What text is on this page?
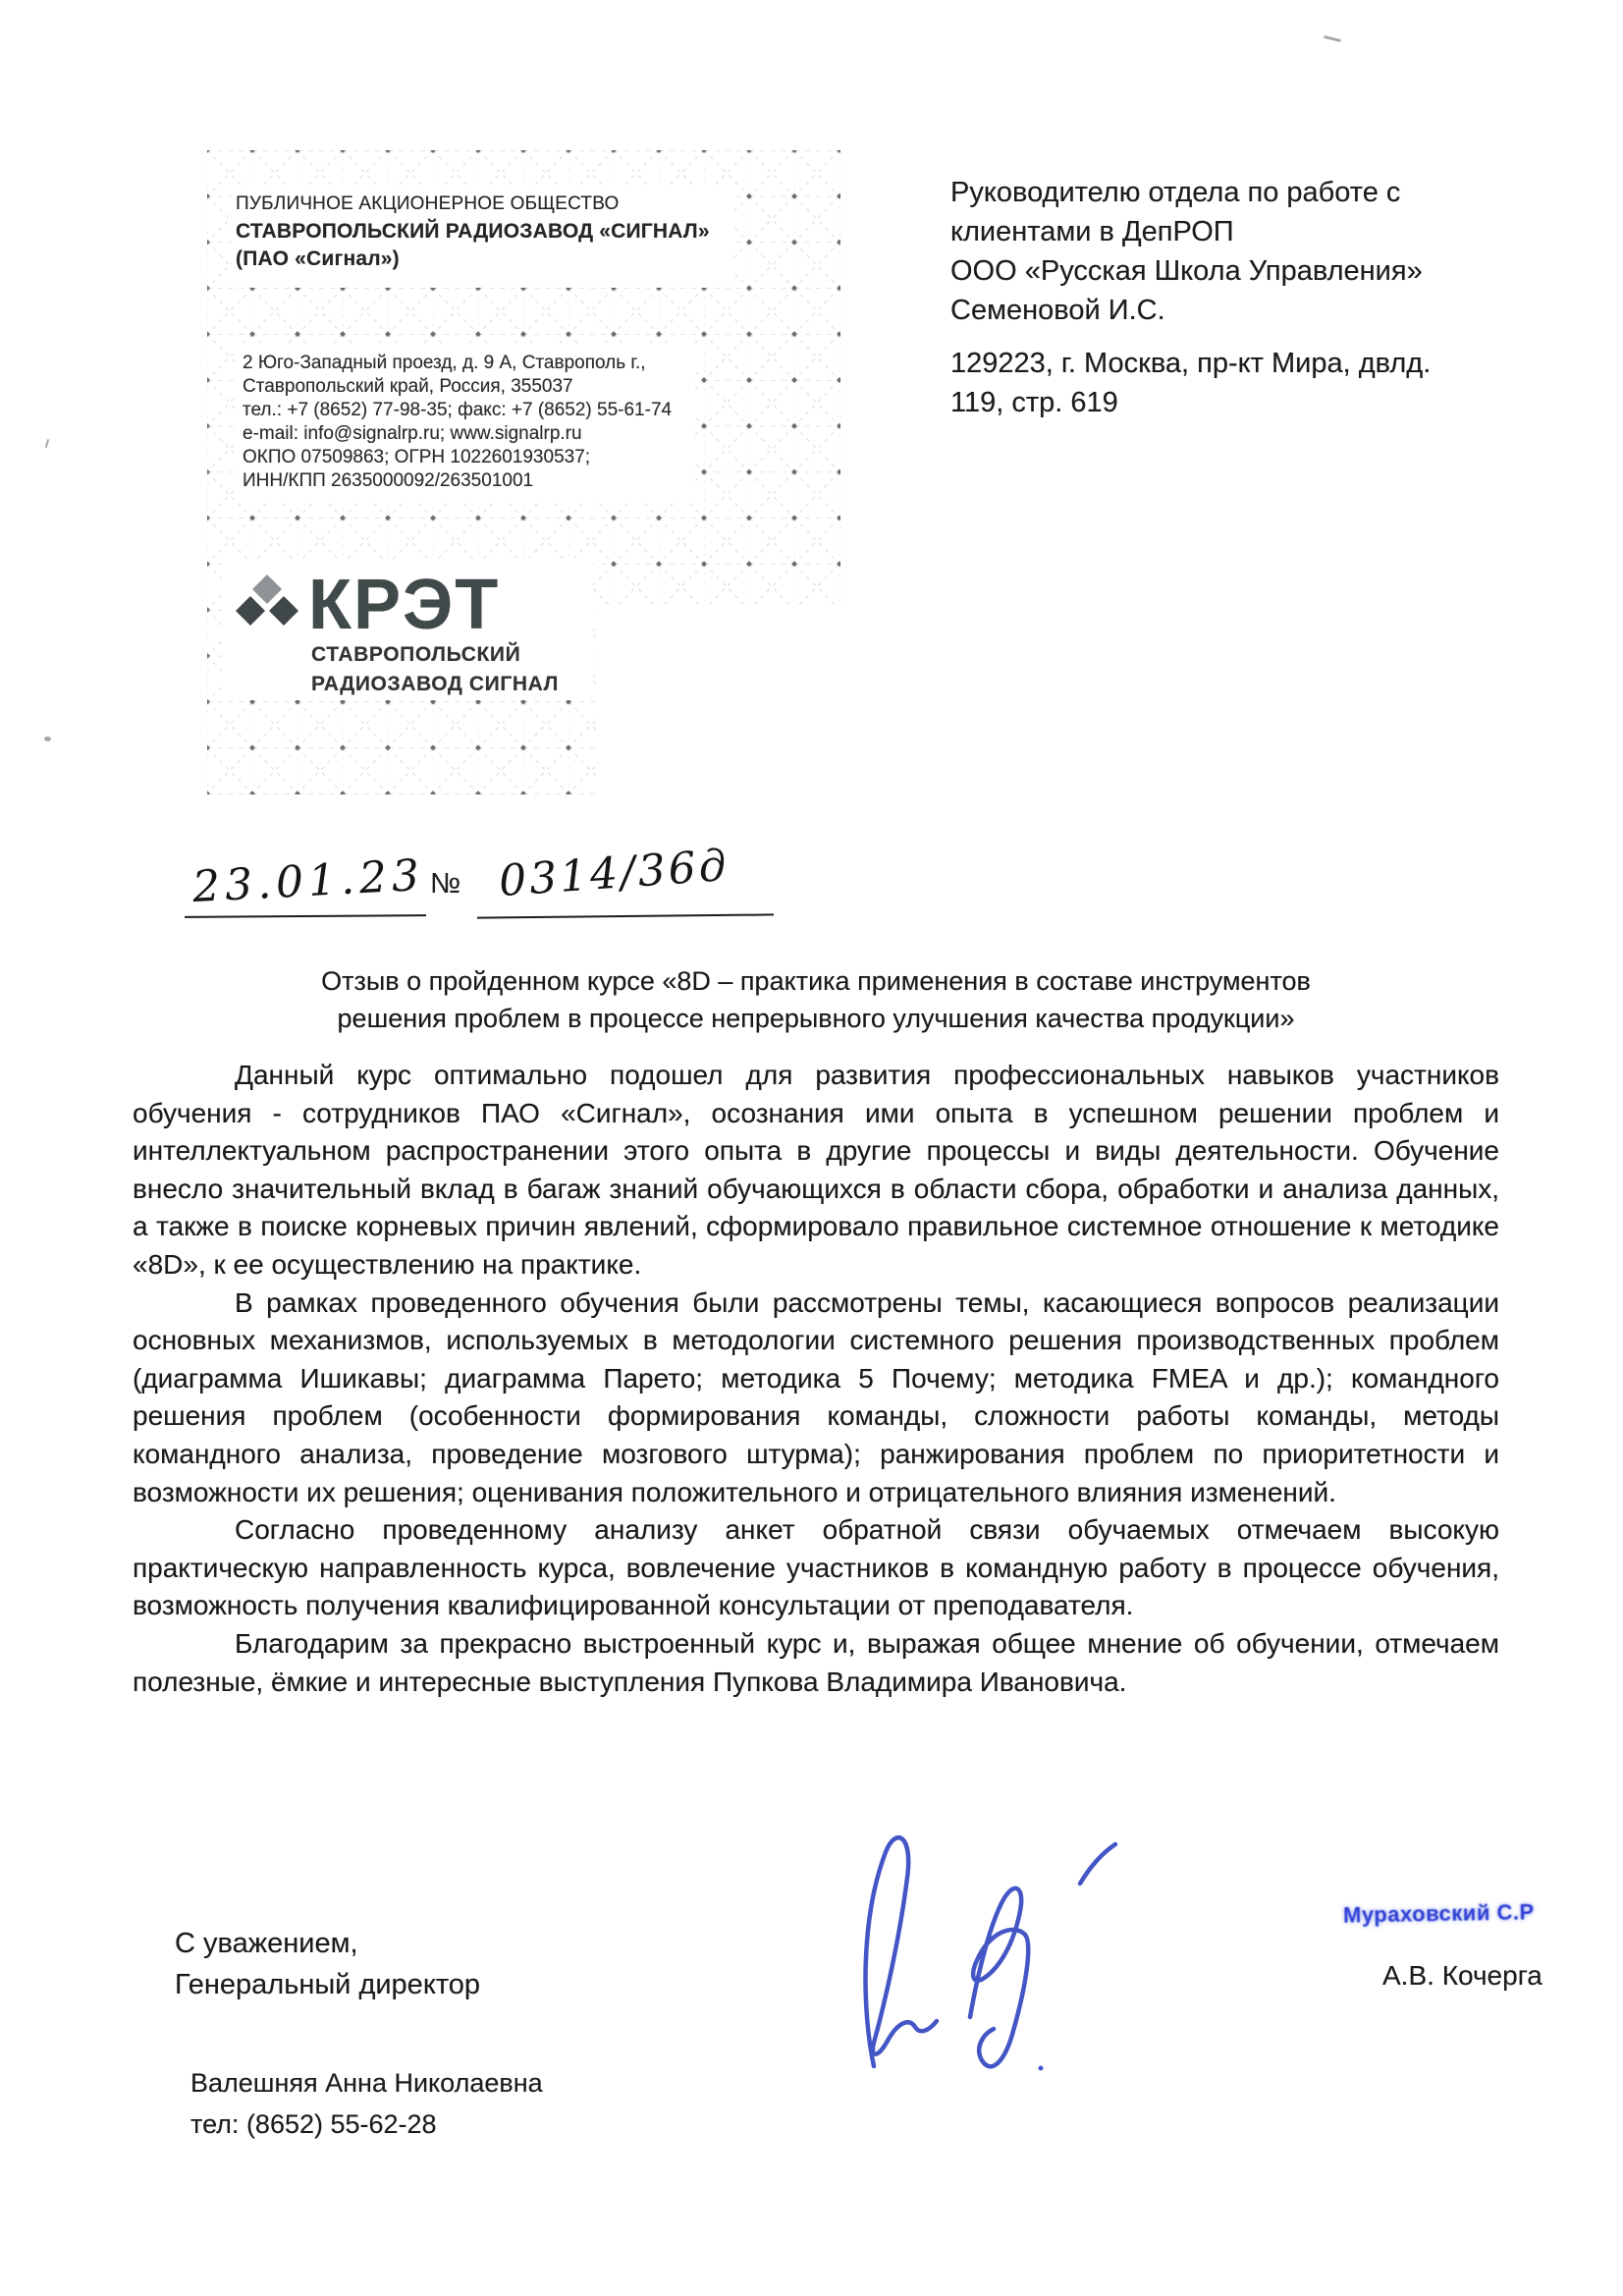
ПУБЛИЧНОЕ АКЦИОНЕРНОЕ ОБЩЕСТВО
СТАВРОПОЛЬСКИЙ РАДИОЗАВОД «СИГНАЛ»
(ПАО «Сигнал»)
2 Юго-Западный проезд, д. 9 А, Ставрополь г.,
Ставропольский край, Россия, 355037
тел.: +7 (8652) 77-98-35; факс: +7 (8652) 55-61-74
e-mail: info@signalrp.ru; www.signalrp.ru
ОКПО 07509863; ОГРН 1022601930537;
ИНН/КПП 2635000092/263501001
КРЭТ
СТАВРОПОЛЬСКИЙ
РАДИОЗАВОД СИГНАЛ
Руководителю отдела по работе с
клиентами в ДепРОП
ООО «Русская Школа Управления»
Семеновой И.С.
129223, г. Москва, пр-кт Мира, двлд.
119, стр. 619
23.01.23 № 0314/36д
Отзыв о пройденном курсе «8D – практика применения в составе инструментов
решения проблем в процессе непрерывного улучшения качества продукции»

Данный курс оптимально подошел для развития профессиональных навыков участников обучения - сотрудников ПАО «Сигнал», осознания ими опыта в успешном решении проблем и интеллектуальном распространении этого опыта в другие процессы и виды деятельности. Обучение внесло значительный вклад в багаж знаний обучающихся в области сбора, обработки и анализа данных, а также в поиске корневых причин явлений, сформировало правильное системное отношение к методике «8D», к ее осуществлению на практике.

В рамках проведенного обучения были рассмотрены темы, касающиеся вопросов реализации основных механизмов, используемых в методологии системного решения производственных проблем (диаграмма Ишикавы; диаграмма Парето; методика 5 Почему; методика FMEA и др.); командного решения проблем (особенности формирования команды, сложности работы команды, методы командного анализа, проведение мозгового штурма); ранжирования проблем по приоритетности и возможности их решения; оценивания положительного и отрицательного влияния изменений.

Согласно проведенному анализу анкет обратной связи обучаемых отмечаем высокую практическую направленность курса, вовлечение участников в командную работу в процессе обучения, возможность получения квалифицированной консультации от преподавателя.

Благодарим за прекрасно выстроенный курс и, выражая общее мнение об обучении, отмечаем полезные, ёмкие и интересные выступления Пупкова Владимира Ивановича.

С уважением,
Генеральный директор
Мураховский С.Р
А.В. Кочерга
Валешняя Анна Николаевна
тел: (8652) 55-62-28
